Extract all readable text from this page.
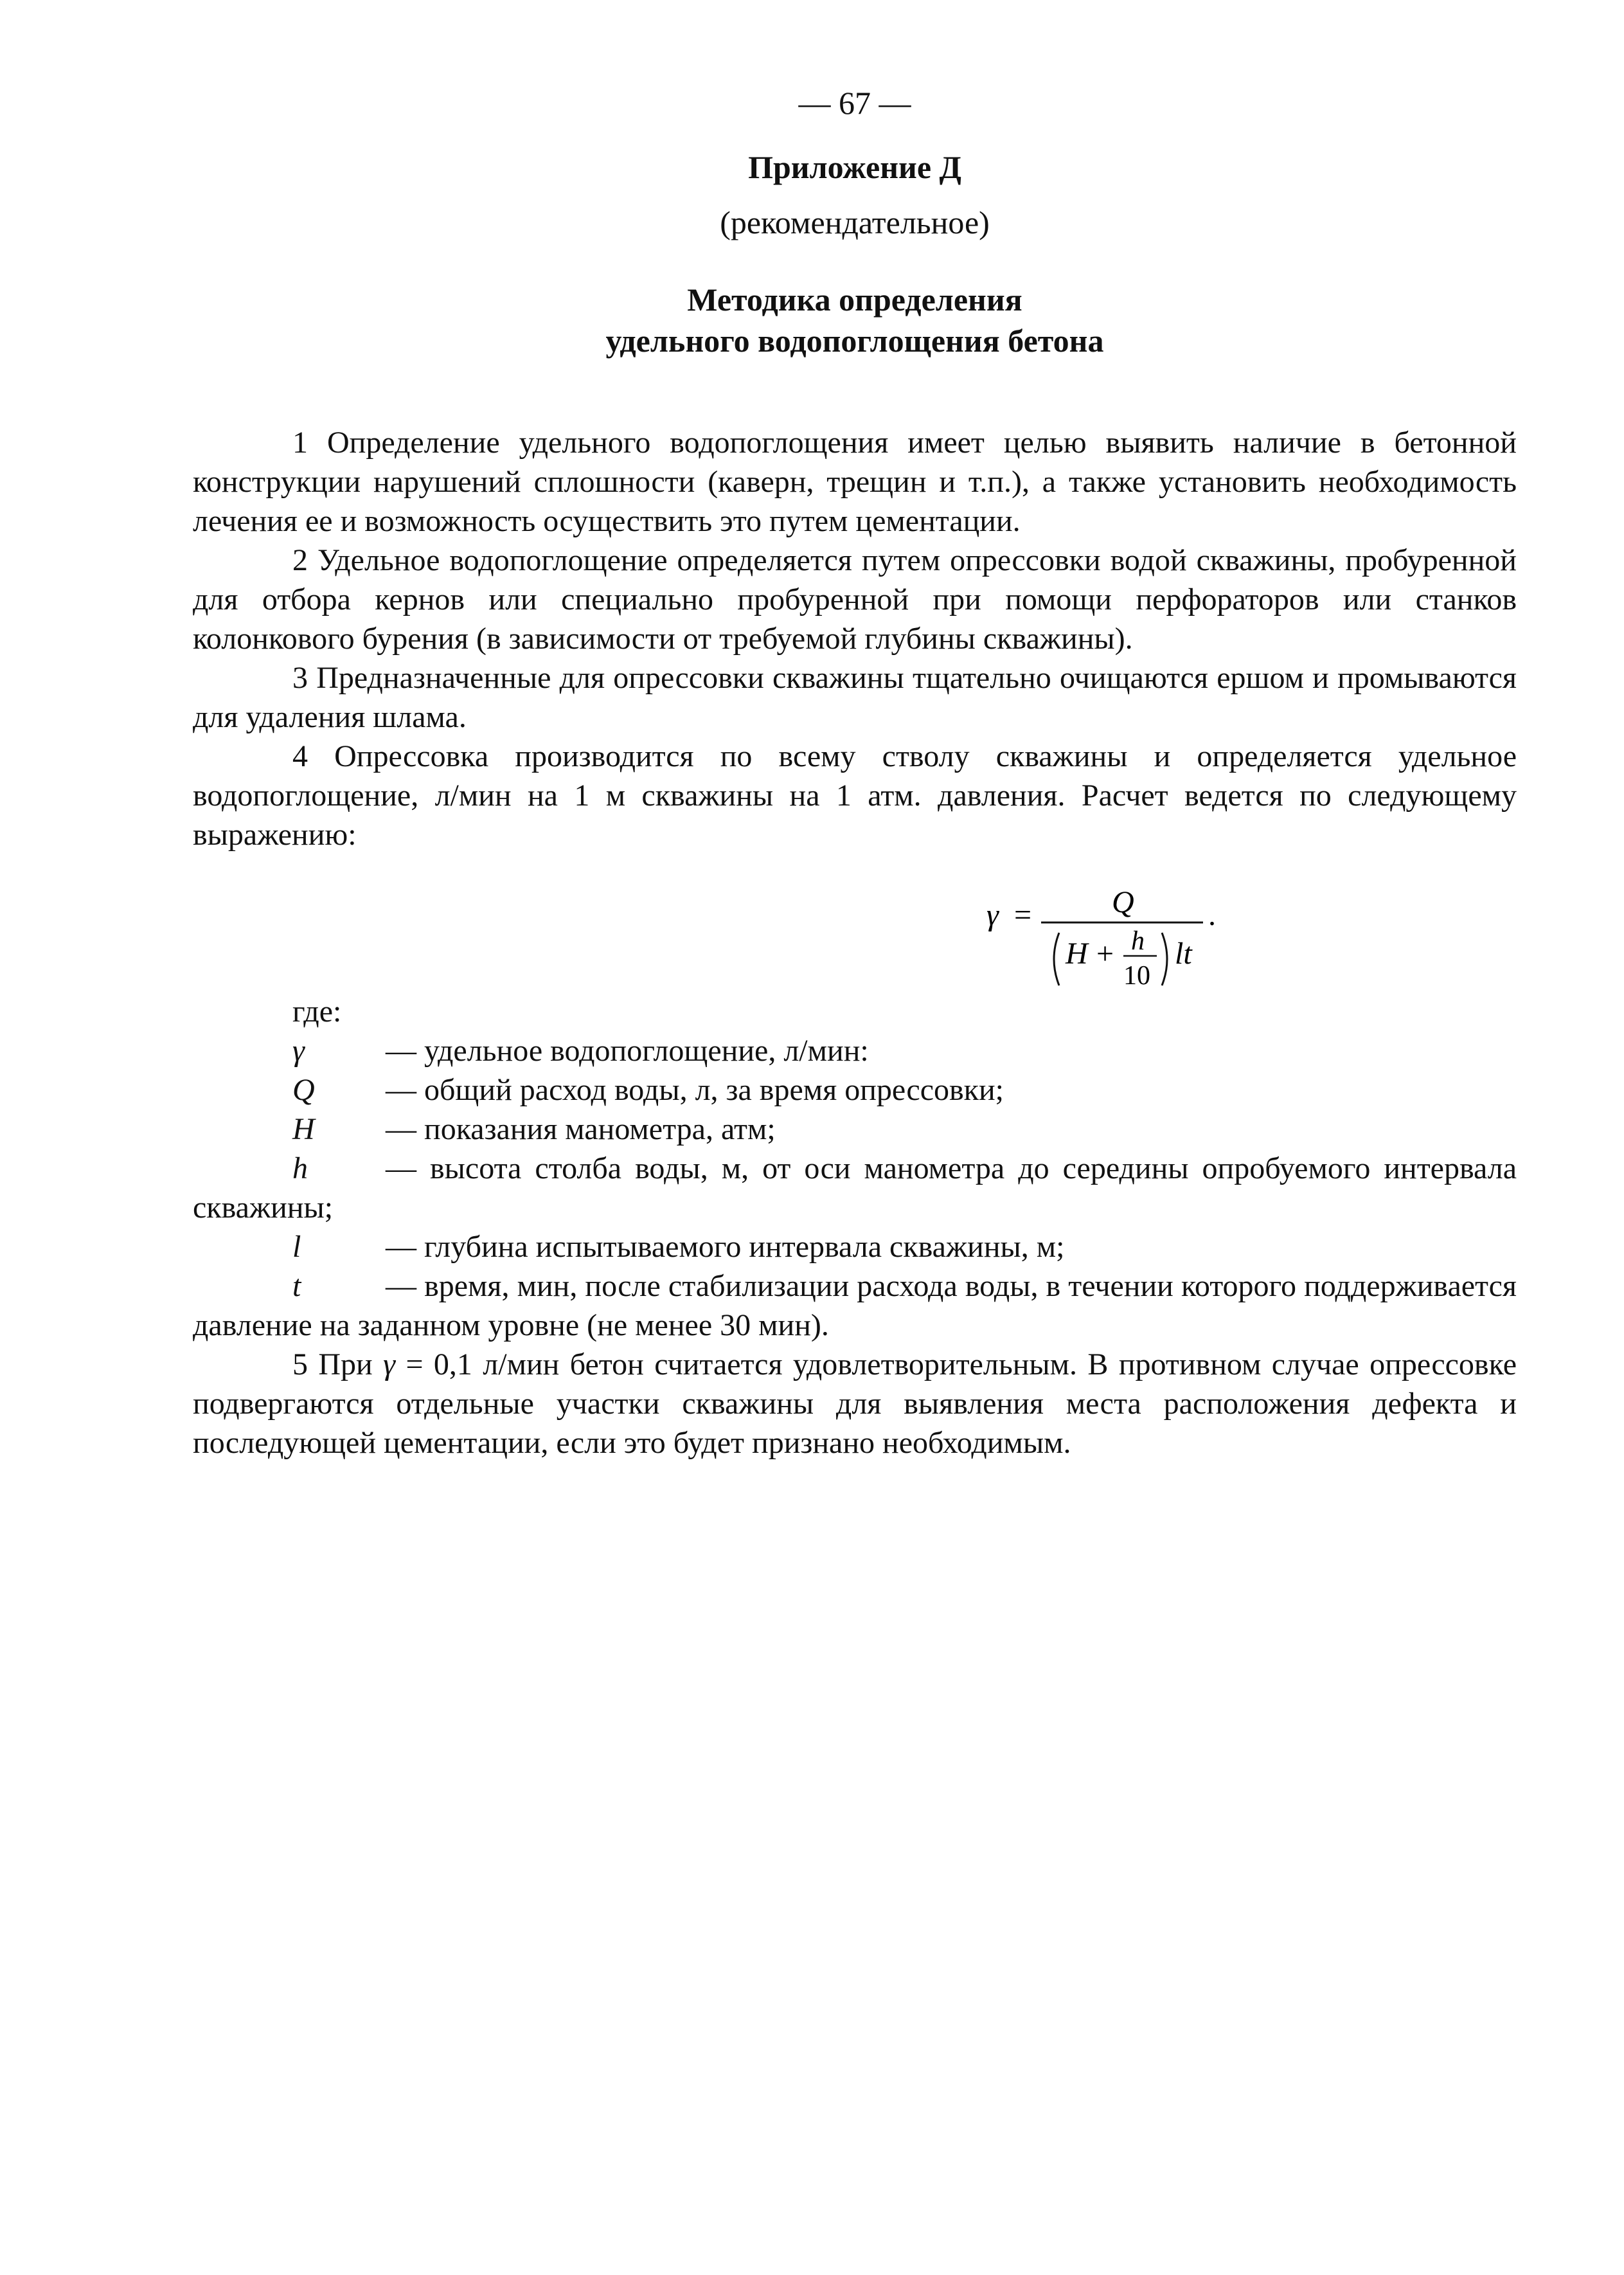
— 67 —

Приложение Д
(рекомендательное)
Методика определения
удельного водопоглощения бетона

1 Определение удельного водопоглощения имеет целью выявить наличие в бетонной конструкции нарушений сплошности (каверн, трещин и т.п.), а также установить необходимость лечения ее и возможность осуществить это путем цементации.

2 Удельное водопоглощение определяется путем опрессовки водой скважины, пробуренной для отбора кернов или специально пробуренной при помощи перфораторов или станков колонкового бурения (в зависимости от требуемой глубины скважины).

3 Предназначенные для опрессовки скважины тщательно очищаются ершом и промываются для удаления шлама.

4 Опрессовка производится по всему стволу скважины и определяется удельное водопоглощение, л/мин на 1 м скважины на 1 атм. давления. Расчет ведется по следующему выражению:

γ =	Q
H + h
10
lt
.
где:
γ	— удельное водопоглощение, л/мин:
Q	— общий расход воды, л, за время опрессовки;
H	— показания манометра, атм;
h	— высота столба воды, м, от оси манометра до середины опробуемого интервала скважины;
l	— глубина испытываемого интервала скважины, м;
t	— время, мин, после стабилизации расхода воды, в течении которого поддерживается давление на заданном уровне (не менее 30 мин).

5 При γ = 0,1 л/мин бетон считается удовлетворительным. В противном случае опрессовке подвергаются отдельные участки скважины для выявления места расположения дефекта и последующей цементации, если это будет признано необходимым.
